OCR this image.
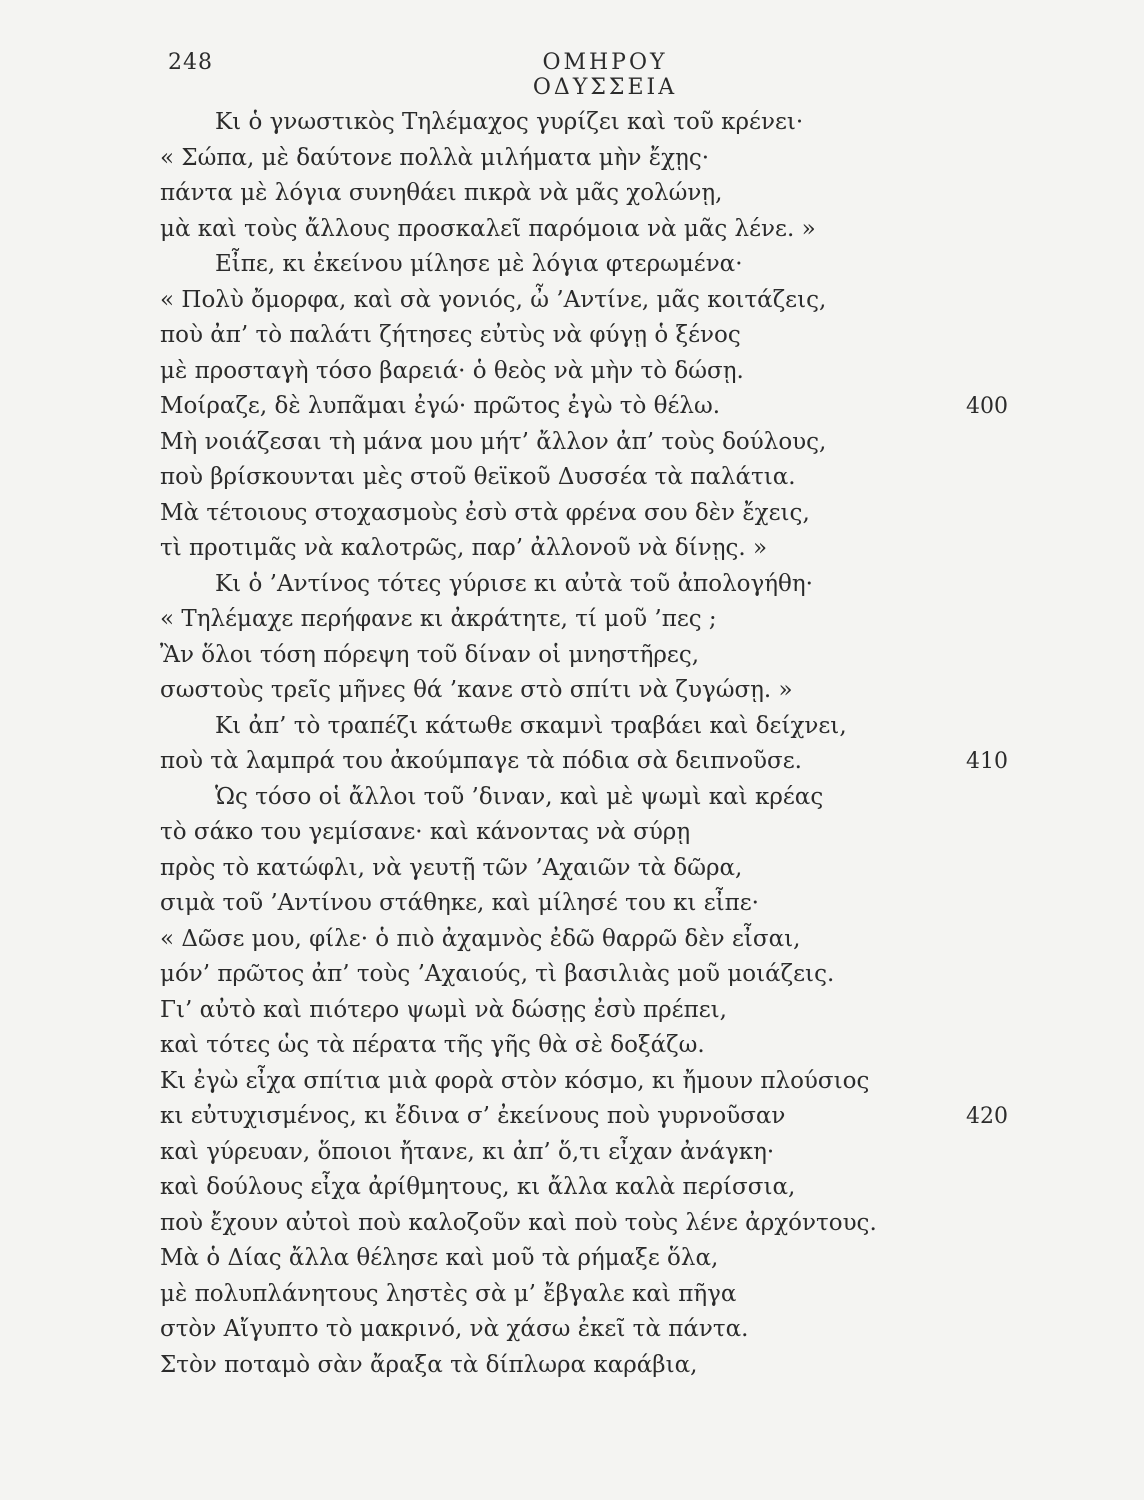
248	ΟΜΗΡΟΥ ΟΔΥΣΣΕΙΑ
Κι ὁ γνωστικὸς Τηλέμαχος γυρίζει καὶ τοῦ κρένει·
« Σώπα, μὲ δαύτονε πολλὰ μιλήματα μὴν ἔχῃς·
πάντα μὲ λόγια συνηθάει πικρὰ νὰ μᾶς χολώνῃ,
μὰ καὶ τοὺς ἄλλους προσκαλεῖ παρόμοια νὰ μᾶς λένε. »
Εἶπε, κι ἐκείνου μίλησε μὲ λόγια φτερωμένα·
« Πολὺ ὄμορφα, καὶ σὰ γονιός, ὦ ’Αντίνε, μᾶς κοιτάζεις,
ποὺ ἀπ’ τὸ παλάτι ζήτησες εὐτὺς νὰ φύγῃ ὁ ξένος
μὲ προσταγὴ τόσο βαρειά· ὁ θεὸς νὰ μὴν τὸ δώσῃ.
Μοίραζε, δὲ λυπᾶμαι ἐγώ· πρῶτος ἐγὼ τὸ θέλω.	400
Μὴ νοιάζεσαι τὴ μάνα μου μήτ’ ἄλλον ἀπ’ τοὺς δούλους,
ποὺ βρίσκουνται μὲς στοῦ θεϊκοῦ Δυσσέα τὰ παλάτια.
Μὰ τέτοιους στοχασμοὺς ἐσὺ στὰ φρένα σου δὲν ἔχεις,
τὶ προτιμᾶς νὰ καλοτρῶς, παρ’ ἀλλονοῦ νὰ δίνῃς. »
Κι ὁ ’Αντίνος τότες γύρισε κι αὐτὰ τοῦ ἀπολογήθη·
« Τηλέμαχε περήφανε κι ἀκράτητε, τί μοῦ ’πες ;
Ἂν ὅλοι τόση πόρεψη τοῦ δίναν οἱ μνηστῆρες,
σωστοὺς τρεῖς μῆνες θά ’κανε στὸ σπίτι νὰ ζυγώσῃ. »
Κι ἀπ’ τὸ τραπέζι κάτωθε σκαμνὶ τραβάει καὶ δείχνει,
ποὺ τὰ λαμπρά του ἀκούμπαγε τὰ πόδια σὰ δειπνοῦσε.	410
Ὡς τόσο οἱ ἄλλοι τοῦ ’διναν, καὶ μὲ ψωμὶ καὶ κρέας
τὸ σάκο του γεμίσανε· καὶ κάνοντας νὰ σύρῃ
πρὸς τὸ κατώφλι, νὰ γευτῇ τῶν ’Αχαιῶν τὰ δῶρα,
σιμὰ τοῦ ’Αντίνου στάθηκε, καὶ μίλησέ του κι εἶπε·
« Δῶσε μου, φίλε· ὁ πιὸ ἀχαμνὸς ἐδῶ θαρρῶ δὲν εἶσαι,
μόν’ πρῶτος ἀπ’ τοὺς ’Αχαιούς, τὶ βασιλιὰς μοῦ μοιάζεις.
Γι’ αὐτὸ καὶ πιότερο ψωμὶ νὰ δώσῃς ἐσὺ πρέπει,
καὶ τότες ὡς τὰ πέρατα τῆς γῆς θὰ σὲ δοξάζω.
Κι ἐγὼ εἶχα σπίτια μιὰ φορὰ στὸν κόσμο, κι ἤμουν πλούσιος
κι εὐτυχισμένος, κι ἔδινα σ’ ἐκείνους ποὺ γυρνοῦσαν	420
καὶ γύρευαν, ὅποιοι ἤτανε, κι ἀπ’ ὅ,τι εἶχαν ἀνάγκη·
καὶ δούλους εἶχα ἀρίθμητους, κι ἄλλα καλὰ περίσσια,
ποὺ ἔχουν αὐτοὶ ποὺ καλοζοῦν καὶ ποὺ τοὺς λένε ἀρχόντους.
Μὰ ὁ Δίας ἄλλα θέλησε καὶ μοῦ τὰ ρήμαξε ὅλα,
μὲ πολυπλάνητους ληστὲς σὰ μ’ ἔβγαλε καὶ πῆγα
στὸν Αἴγυπτο τὸ μακρινό, νὰ χάσω ἐκεῖ τὰ πάντα.
Στὸν ποταμὸ σὰν ἄραξα τὰ δίπλωρα καράβια,
